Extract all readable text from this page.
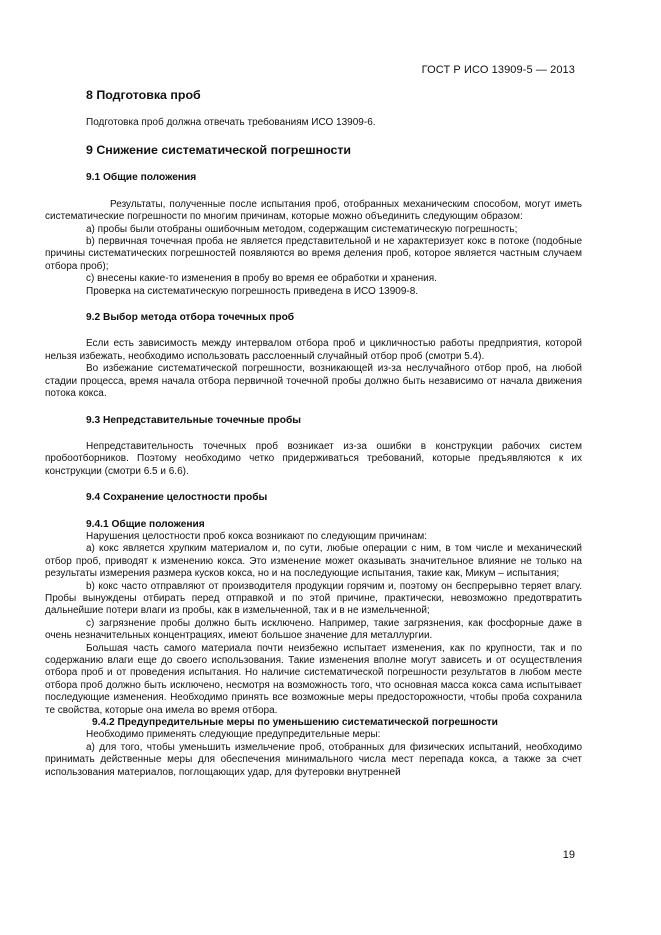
ГОСТ Р ИСО 13909-5 — 2013
8 Подготовка проб

Подготовка проб должна отвечать требованиям ИСО 13909-6.

9 Снижение систематической погрешности
9.1 Общие положения

Результаты, полученные после испытания проб, отобранных механическим способом, могут иметь систематические погрешности по многим причинам, которые можно объединить следующим образом:

а) пробы были отобраны ошибочным методом, содержащим систематическую погрешность;

b) первичная точечная проба не является представительной и не характеризует кокс в потоке (подобные причины систематических погрешностей появляются во время деления проб, которое является частным случаем отбора проб);

c) внесены какие-то изменения в пробу во время ее обработки и хранения.

Проверка на систематическую погрешность приведена в ИСО 13909-8.

9.2 Выбор метода отбора точечных проб

Если есть зависимость между интервалом отбора проб и цикличностью работы предприятия, которой нельзя избежать, необходимо использовать расслоенный случайный отбор проб (смотри 5.4).

Во избежание систематической погрешности, возникающей из-за неслучайного отбор проб, на любой стадии процесса, время начала отбора первичной точечной пробы должно быть независимо от начала движения потока кокса.

9.3 Непредставительные точечные пробы

Непредставительность точечных проб возникает из-за ошибки в конструкции рабочих систем пробоотборников. Поэтому необходимо четко придерживаться требований, которые предъявляются к их конструкции (смотри 6.5 и 6.6).

9.4 Сохранение целостности пробы
9.4.1 Общие положения

Нарушения целостности проб кокса возникают по следующим причинам:

а) кокс является хрупким материалом и, по сути, любые операции с ним, в том числе и механический отбор проб, приводят к изменению кокса. Это изменение может оказывать значительное влияние не только на результаты измерения размера кусков кокса, но и на последующие испытания, такие как, Микум – испытания;

b) кокс часто отправляют от производителя продукции горячим и, поэтому он беспрерывно теряет влагу. Пробы вынуждены отбирать перед отправкой и по этой причине, практически, невозможно предотвратить дальнейшие потери влаги из пробы, как в измельченной, так и в не измельченной;

c) загрязнение пробы должно быть исключено. Например, такие загрязнения, как фосфорные даже в очень незначительных концентрациях, имеют большое значение для металлургии.

Большая часть самого материала почти неизбежно испытает изменения, как по крупности, так и по содержанию влаги еще до своего использования. Такие изменения вполне могут зависеть и от осуществления отбора проб и от проведения испытания. Но наличие систематической погрешности результатов в любом месте отбора проб должно быть исключено, несмотря на возможность того, что основная масса кокса сама испытывает последующие изменения. Необходимо принять все возможные меры предосторожности, чтобы проба сохранила те свойства, которые она имела во время отбора.

9.4.2 Предупредительные меры по уменьшению систематической погрешности

Необходимо применять следующие предупредительные меры:

а) для того, чтобы уменьшить измельчение проб, отобранных для физических испытаний, необходимо принимать действенные меры для обеспечения минимального числа мест перепада кокса, а также за счет использования материалов, поглощающих удар, для футеровки внутренней

19
